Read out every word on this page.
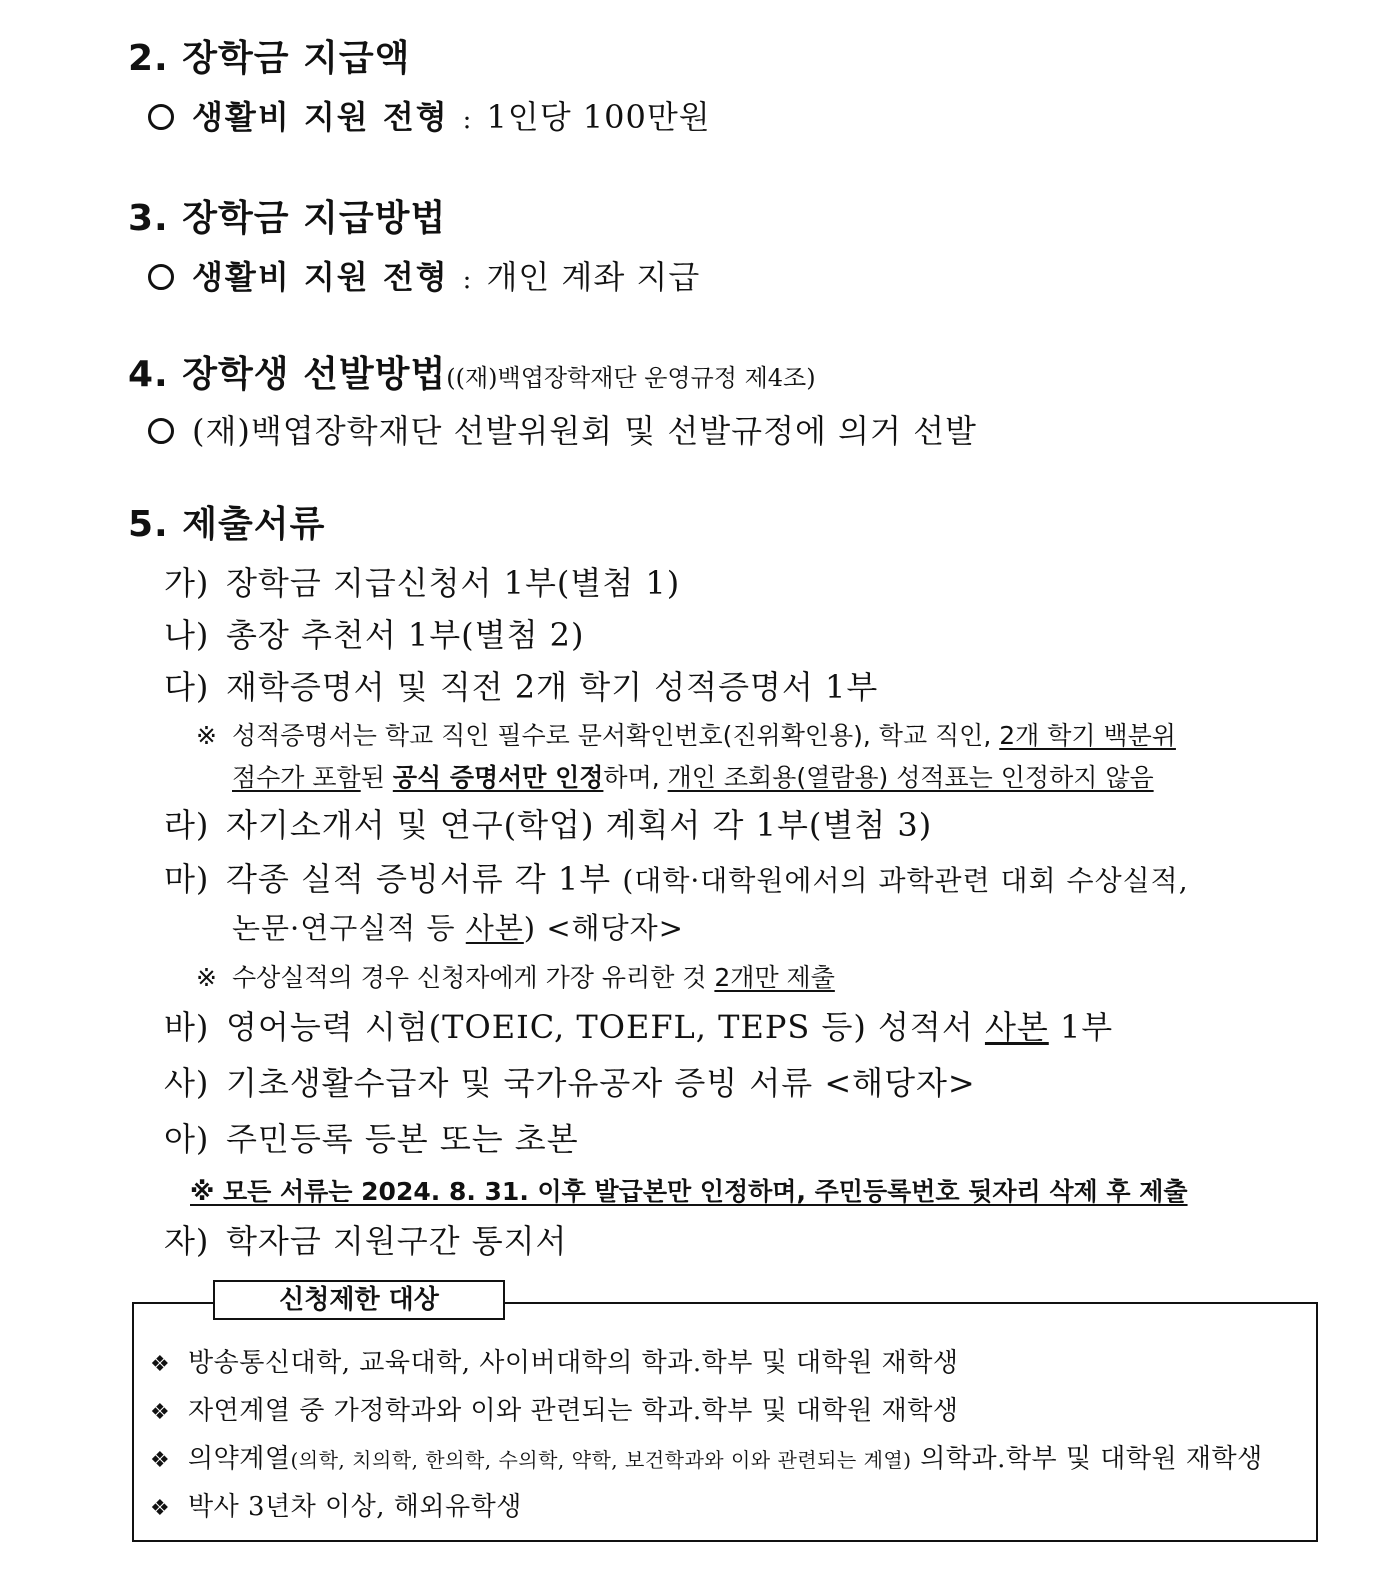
2. 장학금 지급액
생활비 지원 전형 : 1인당 100만원
3. 장학금 지급방법
생활비 지원 전형 : 개인 계좌 지급
4. 장학생 선발방법((재)백엽장학재단 운영규정 제4조)
(재)백엽장학재단 선발위원회 및 선발규정에 의거 선발
5. 제출서류
가) 장학금 지급신청서 1부(별첨 1)
나) 총장 추천서 1부(별첨 2)
다) 재학증명서 및 직전 2개 학기 성적증명서 1부
※ 성적증명서는 학교 직인 필수로 문서확인번호(진위확인용), 학교 직인, 2개 학기 백분위
점수가 포함된 공식 증명서만 인정하며, 개인 조회용(열람용) 성적표는 인정하지 않음
라) 자기소개서 및 연구(학업) 계획서 각 1부(별첨 3)
마) 각종 실적 증빙서류 각 1부 (대학·대학원에서의 과학관련 대회 수상실적,
논문·연구실적 등 사본) <해당자>
※ 수상실적의 경우 신청자에게 가장 유리한 것 2개만 제출
바) 영어능력 시험(TOEIC, TOEFL, TEPS 등) 성적서 사본 1부
사) 기초생활수급자 및 국가유공자 증빙 서류 <해당자>
아) 주민등록 등본 또는 초본
※ 모든 서류는 2024. 8. 31. 이후 발급본만 인정하며, 주민등록번호 뒷자리 삭제 후 제출
자) 학자금 지원구간 통지서
신청제한 대상
❖ 방송통신대학, 교육대학, 사이버대학의 학과.학부 및 대학원 재학생
❖ 자연계열 중 가정학과와 이와 관련되는 학과.학부 및 대학원 재학생
❖ 의약계열(의학, 치의학, 한의학, 수의학, 약학, 보건학과와 이와 관련되는 계열) 의학과.학부 및 대학원 재학생
❖ 박사 3년차 이상, 해외유학생
